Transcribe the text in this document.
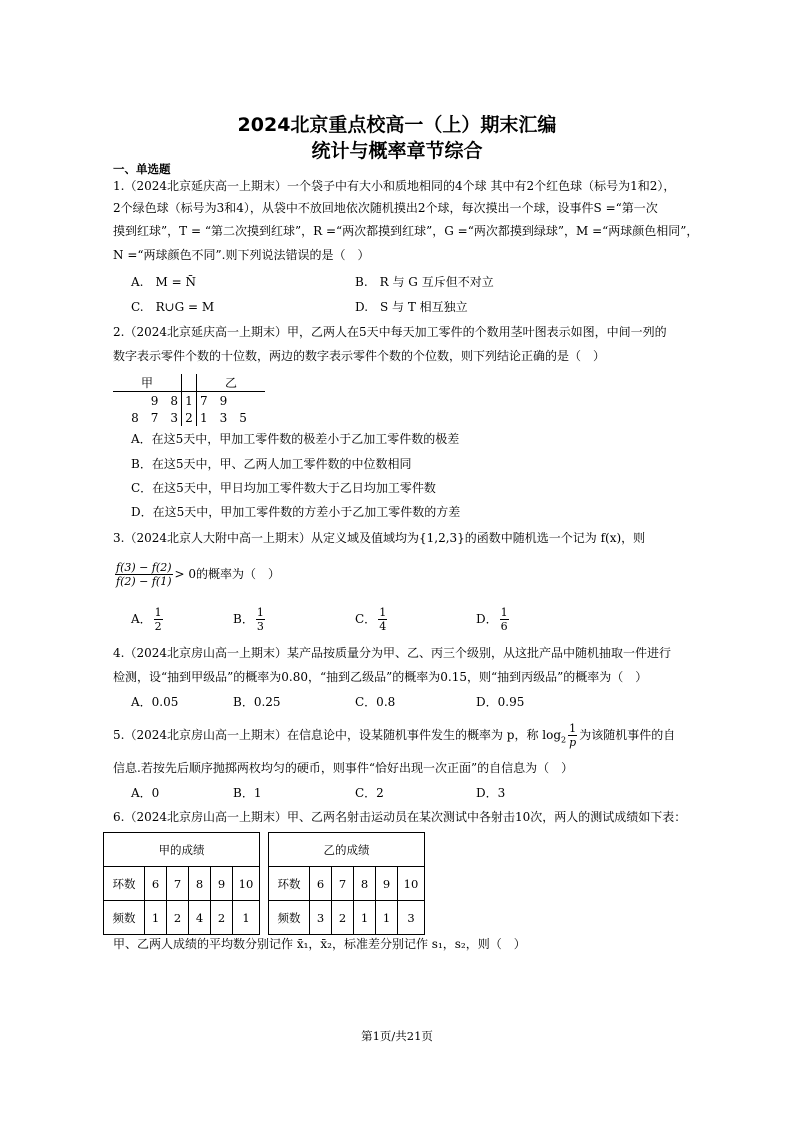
2024北京重点校高一（上）期末汇编
统计与概率章节综合
一、单选题
1.（2024北京延庆高一上期末）一个袋子中有大小和质地相同的4个球 其中有2个红色球（标号为1和2），
2个绿色球（标号为3和4），从袋中不放回地依次随机摸出2个球，每次摸出一个球，设事件S =“第一次
摸到红球”，T = “第二次摸到红球”，R =“两次都摸到红球”，G =“两次都摸到绿球”，M =“两球颜色相同”，
N =“两球颜色不同”.则下列说法错误的是（　）
A.　M = N̄	B.　R 与 G 互斥但不对立
C.　R∪G = M	D.　S 与 T 相互独立
2.（2024北京延庆高一上期末）甲，乙两人在5天中每天加工零件的个数用茎叶图表示如图，中间一列的
数字表示零件个数的十位数，两边的数字表示零件个数的个位数，则下列结论正确的是（　）
甲		乙
9　8	1	7　9
8　7　3	2	1　3　5
A．在这5天中，甲加工零件数的极差小于乙加工零件数的极差
B．在这5天中，甲、乙两人加工零件数的中位数相同
C．在这5天中，甲日均加工零件数大于乙日均加工零件数
D．在这5天中，甲加工零件数的方差小于乙加工零件数的方差
3.（2024北京人大附中高一上期末）从定义域及值域均为{1,2,3}的函数中随机选一个记为 f(x)，则
$\frac{f(3) - f(2)}{f(2) - f(1)} > 0$的概率为（　）
A． $\frac{1}{2}$	B． $\frac{1}{3}$	C． $\frac{1}{4}$	D． $\frac{1}{6}$
4.（2024北京房山高一上期末）某产品按质量分为甲、乙、丙三个级别，从这批产品中随机抽取一件进行
检测，设“抽到甲级品”的概率为0.80，“抽到乙级品”的概率为0.15，则“抽到丙级品”的概率为（　）
A．0.05	B．0.25	C．0.8	D．0.95
5.（2024北京房山高一上期末）在信息论中，设某随机事件发生的概率为 p，称 $\log_2 \frac{1}{p}$ 为该随机事件的自
信息.若按先后顺序抛掷两枚均匀的硬币，则事件“恰好出现一次正面”的自信息为（　）
A．0	B．1	C．2	D．3
6.（2024北京房山高一上期末）甲、乙两名射击运动员在某次测试中各射击10次，两人的测试成绩如下表：
甲的成绩							乙的成绩					
环数	6	7	8	9	10		环数	6	7	8	9	10
频数	1	2	4	2	1		频数	3	2	1	1	3
甲、乙两人成绩的平均数分别记作 x̄₁，x̄₂，标准差分别记作 s₁，s₂，则（　）
第1页/共21页
